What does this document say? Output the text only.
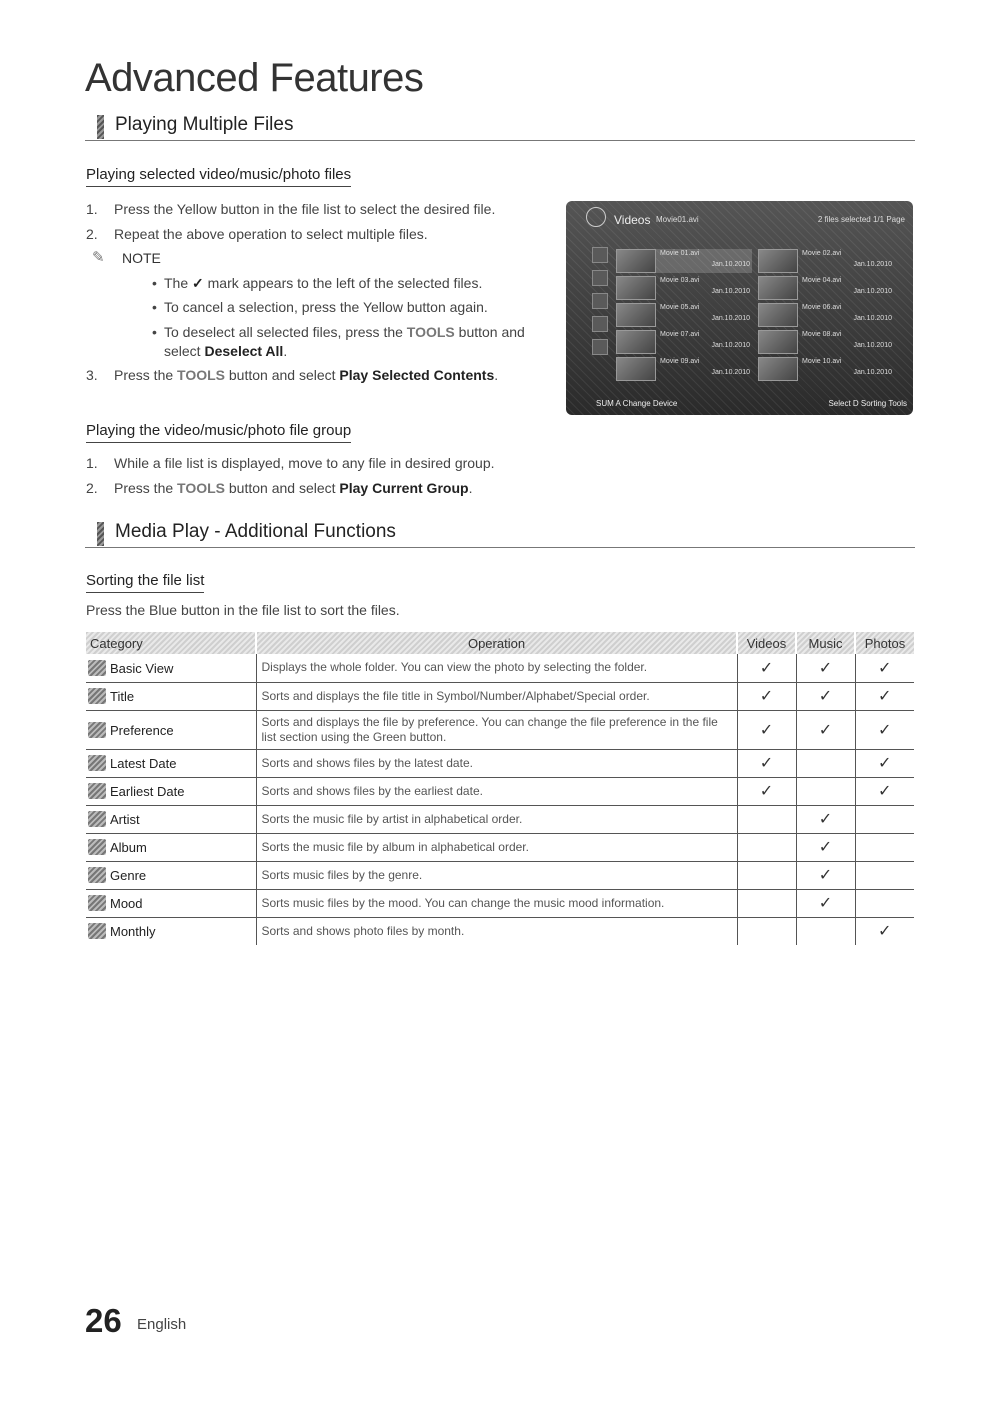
Advanced Features
Playing Multiple Files
Playing selected video/music/photo files
1. Press the Yellow button in the file list to select the desired file.
2. Repeat the above operation to select multiple files.
✎ NOTE
• The ✓ mark appears to the left of the selected files.
• To cancel a selection, press the Yellow button again.
• To deselect all selected files, press the TOOLS button and select Deselect All.
3. Press the TOOLS button and select Play Selected Contents.
Videos Movie01.avi	2 files selected 1/1 Page
Movie 01.avi
Jan.10.2010
Movie 02.avi
Jan.10.2010
Movie 03.avi
Jan.10.2010
Movie 04.avi
Jan.10.2010
Movie 05.avi
Jan.10.2010
Movie 06.avi
Jan.10.2010
Movie 07.avi
Jan.10.2010
Movie 08.avi
Jan.10.2010
Movie 09.avi
Jan.10.2010
Movie 10.avi
Jan.10.2010
SUM A Change Device	Select D Sorting Tools
Playing the video/music/photo file group
1. While a file list is displayed, move to any file in desired group.
2. Press the TOOLS button and select Play Current Group.
Media Play - Additional Functions
Sorting the file list
Press the Blue button in the file list to sort the files.
Category	Operation	Videos	Music	Photos
Basic View	Displays the whole folder. You can view the photo by selecting the folder.	✓	✓	✓
Title	Sorts and displays the file title in Symbol/Number/Alphabet/Special order.	✓	✓	✓
Preference	Sorts and displays the file by preference. You can change the file preference in the file list section using the Green button.	✓	✓	✓
Latest Date	Sorts and shows files by the latest date.	✓		✓
Earliest Date	Sorts and shows files by the earliest date.	✓		✓
Artist	Sorts the music file by artist in alphabetical order.		✓	
Album	Sorts the music file by album in alphabetical order.		✓	
Genre	Sorts music files by the genre.		✓	
Mood	Sorts music files by the mood. You can change the music mood information.		✓	
Monthly	Sorts and shows photo files by month.			✓
26 English
